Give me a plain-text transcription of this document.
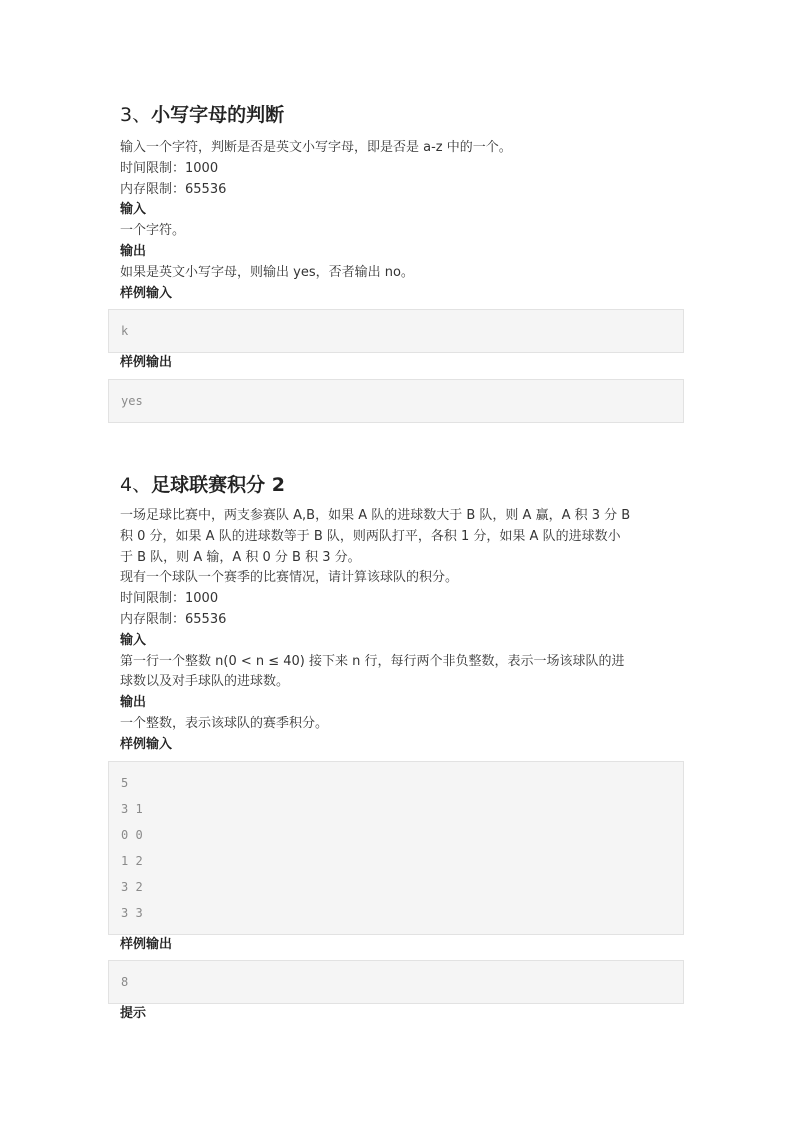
3、小写字母的判断

输入一个字符，判断是否是英文小写字母，即是否是 a-z 中的一个。

时间限制：1000

内存限制：65536

输入

一个字符。

输出

如果是英文小写字母，则输出 yes，否者输出 no。

样例输入

k

样例输出

yes
4、足球联赛积分 2

一场足球比赛中，两支参赛队 A,B，如果 A 队的进球数大于 B 队，则 A 赢，A 积 3 分 B

积 0 分，如果 A 队的进球数等于 B 队，则两队打平，各积 1 分，如果 A 队的进球数小

于 B 队，则 A 输，A 积 0 分 B 积 3 分。

现有一个球队一个赛季的比赛情况，请计算该球队的积分。

时间限制：1000

内存限制：65536

输入

第一行一个整数 n(0 < n ≤ 40) 接下来 n 行，每行两个非负整数，表示一场该球队的进

球数以及对手球队的进球数。

输出

一个整数，表示该球队的赛季积分。

样例输入

5
3 1
0 0
1 2
3 2
3 3

样例输出

8

提示
